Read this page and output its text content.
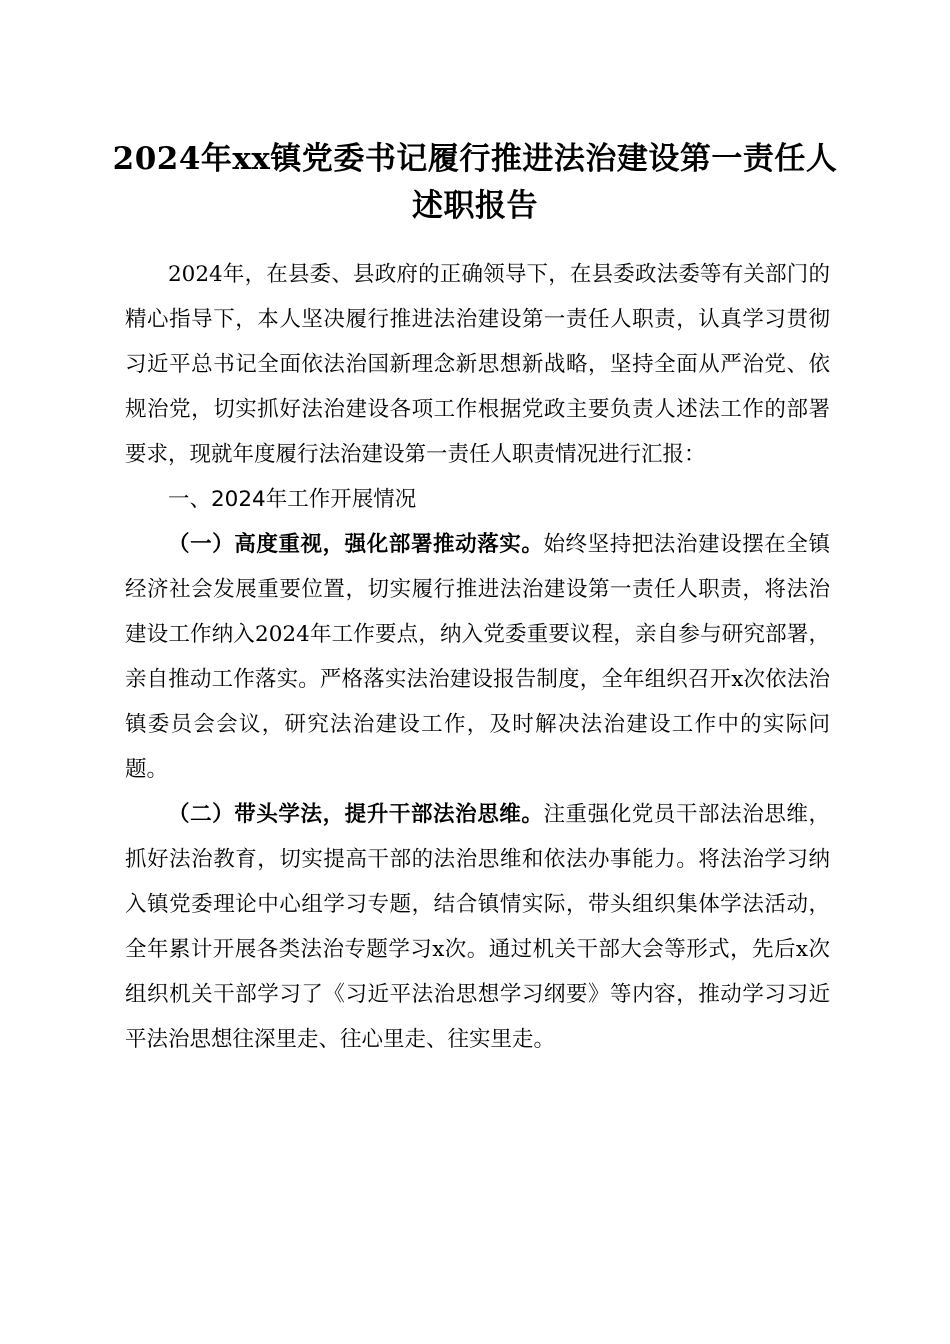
2024年xx镇党委书记履行推进法治建设第一责任人述职报告

2024年，在县委、县政府的正确领导下，在县委政法委等有关部门的精心指导下，本人坚决履行推进法治建设第一责任人职责，认真学习贯彻习近平总书记全面依法治国新理念新思想新战略，坚持全面从严治党、依规治党，切实抓好法治建设各项工作根据党政主要负责人述法工作的部署要求，现就年度履行法治建设第一责任人职责情况进行汇报：

一、2024年工作开展情况

（一）高度重视，强化部署推动落实。始终坚持把法治建设摆在全镇经济社会发展重要位置，切实履行推进法治建设第一责任人职责，将法治建设工作纳入2024年工作要点，纳入党委重要议程，亲自参与研究部署，亲自推动工作落实。严格落实法治建设报告制度，全年组织召开x次依法治镇委员会会议，研究法治建设工作，及时解决法治建设工作中的实际问题。

（二）带头学法，提升干部法治思维。注重强化党员干部法治思维，抓好法治教育，切实提高干部的法治思维和依法办事能力。将法治学习纳入镇党委理论中心组学习专题，结合镇情实际，带头组织集体学法活动，全年累计开展各类法治专题学习x次。通过机关干部大会等形式，先后x次组织机关干部学习了《习近平法治思想学习纲要》等内容，推动学习习近平法治思想往深里走、往心里走、往实里走。
